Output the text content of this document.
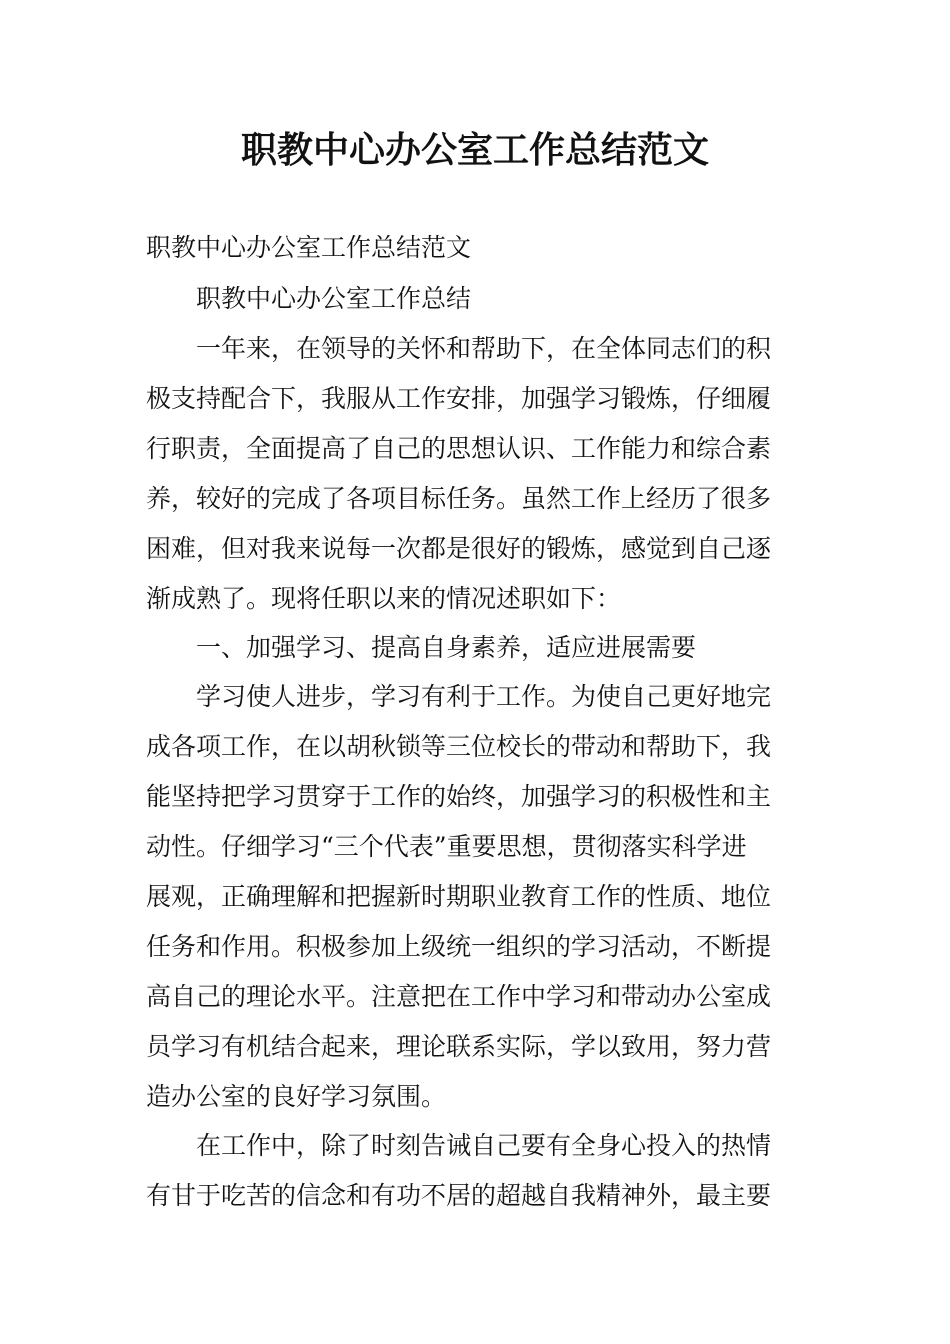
职教中心办公室工作总结范文
职教中心办公室工作总结范文
职教中心办公室工作总结
一年来，在领导的关怀和帮助下，在全体同志们的积
极支持配合下，我服从工作安排，加强学习锻炼，仔细履
行职责，全面提高了自己的思想认识、工作能力和综合素
养，较好的完成了各项目标任务。虽然工作上经历了很多
困难，但对我来说每一次都是很好的锻炼，感觉到自己逐
渐成熟了。现将任职以来的情况述职如下：
一、加强学习、提高自身素养，适应进展需要
学习使人进步，学习有利于工作。为使自己更好地完
成各项工作，在以胡秋锁等三位校长的带动和帮助下，我
能坚持把学习贯穿于工作的始终，加强学习的积极性和主
动性。仔细学习“三个代表”重要思想，贯彻落实科学进
展观，正确理解和把握新时期职业教育工作的性质、地位
任务和作用。积极参加上级统一组织的学习活动，不断提
高自己的理论水平。注意把在工作中学习和带动办公室成
员学习有机结合起来，理论联系实际，学以致用，努力营
造办公室的良好学习氛围。
在工作中，除了时刻告诫自己要有全身心投入的热情
有甘于吃苦的信念和有功不居的超越自我精神外，最主要
